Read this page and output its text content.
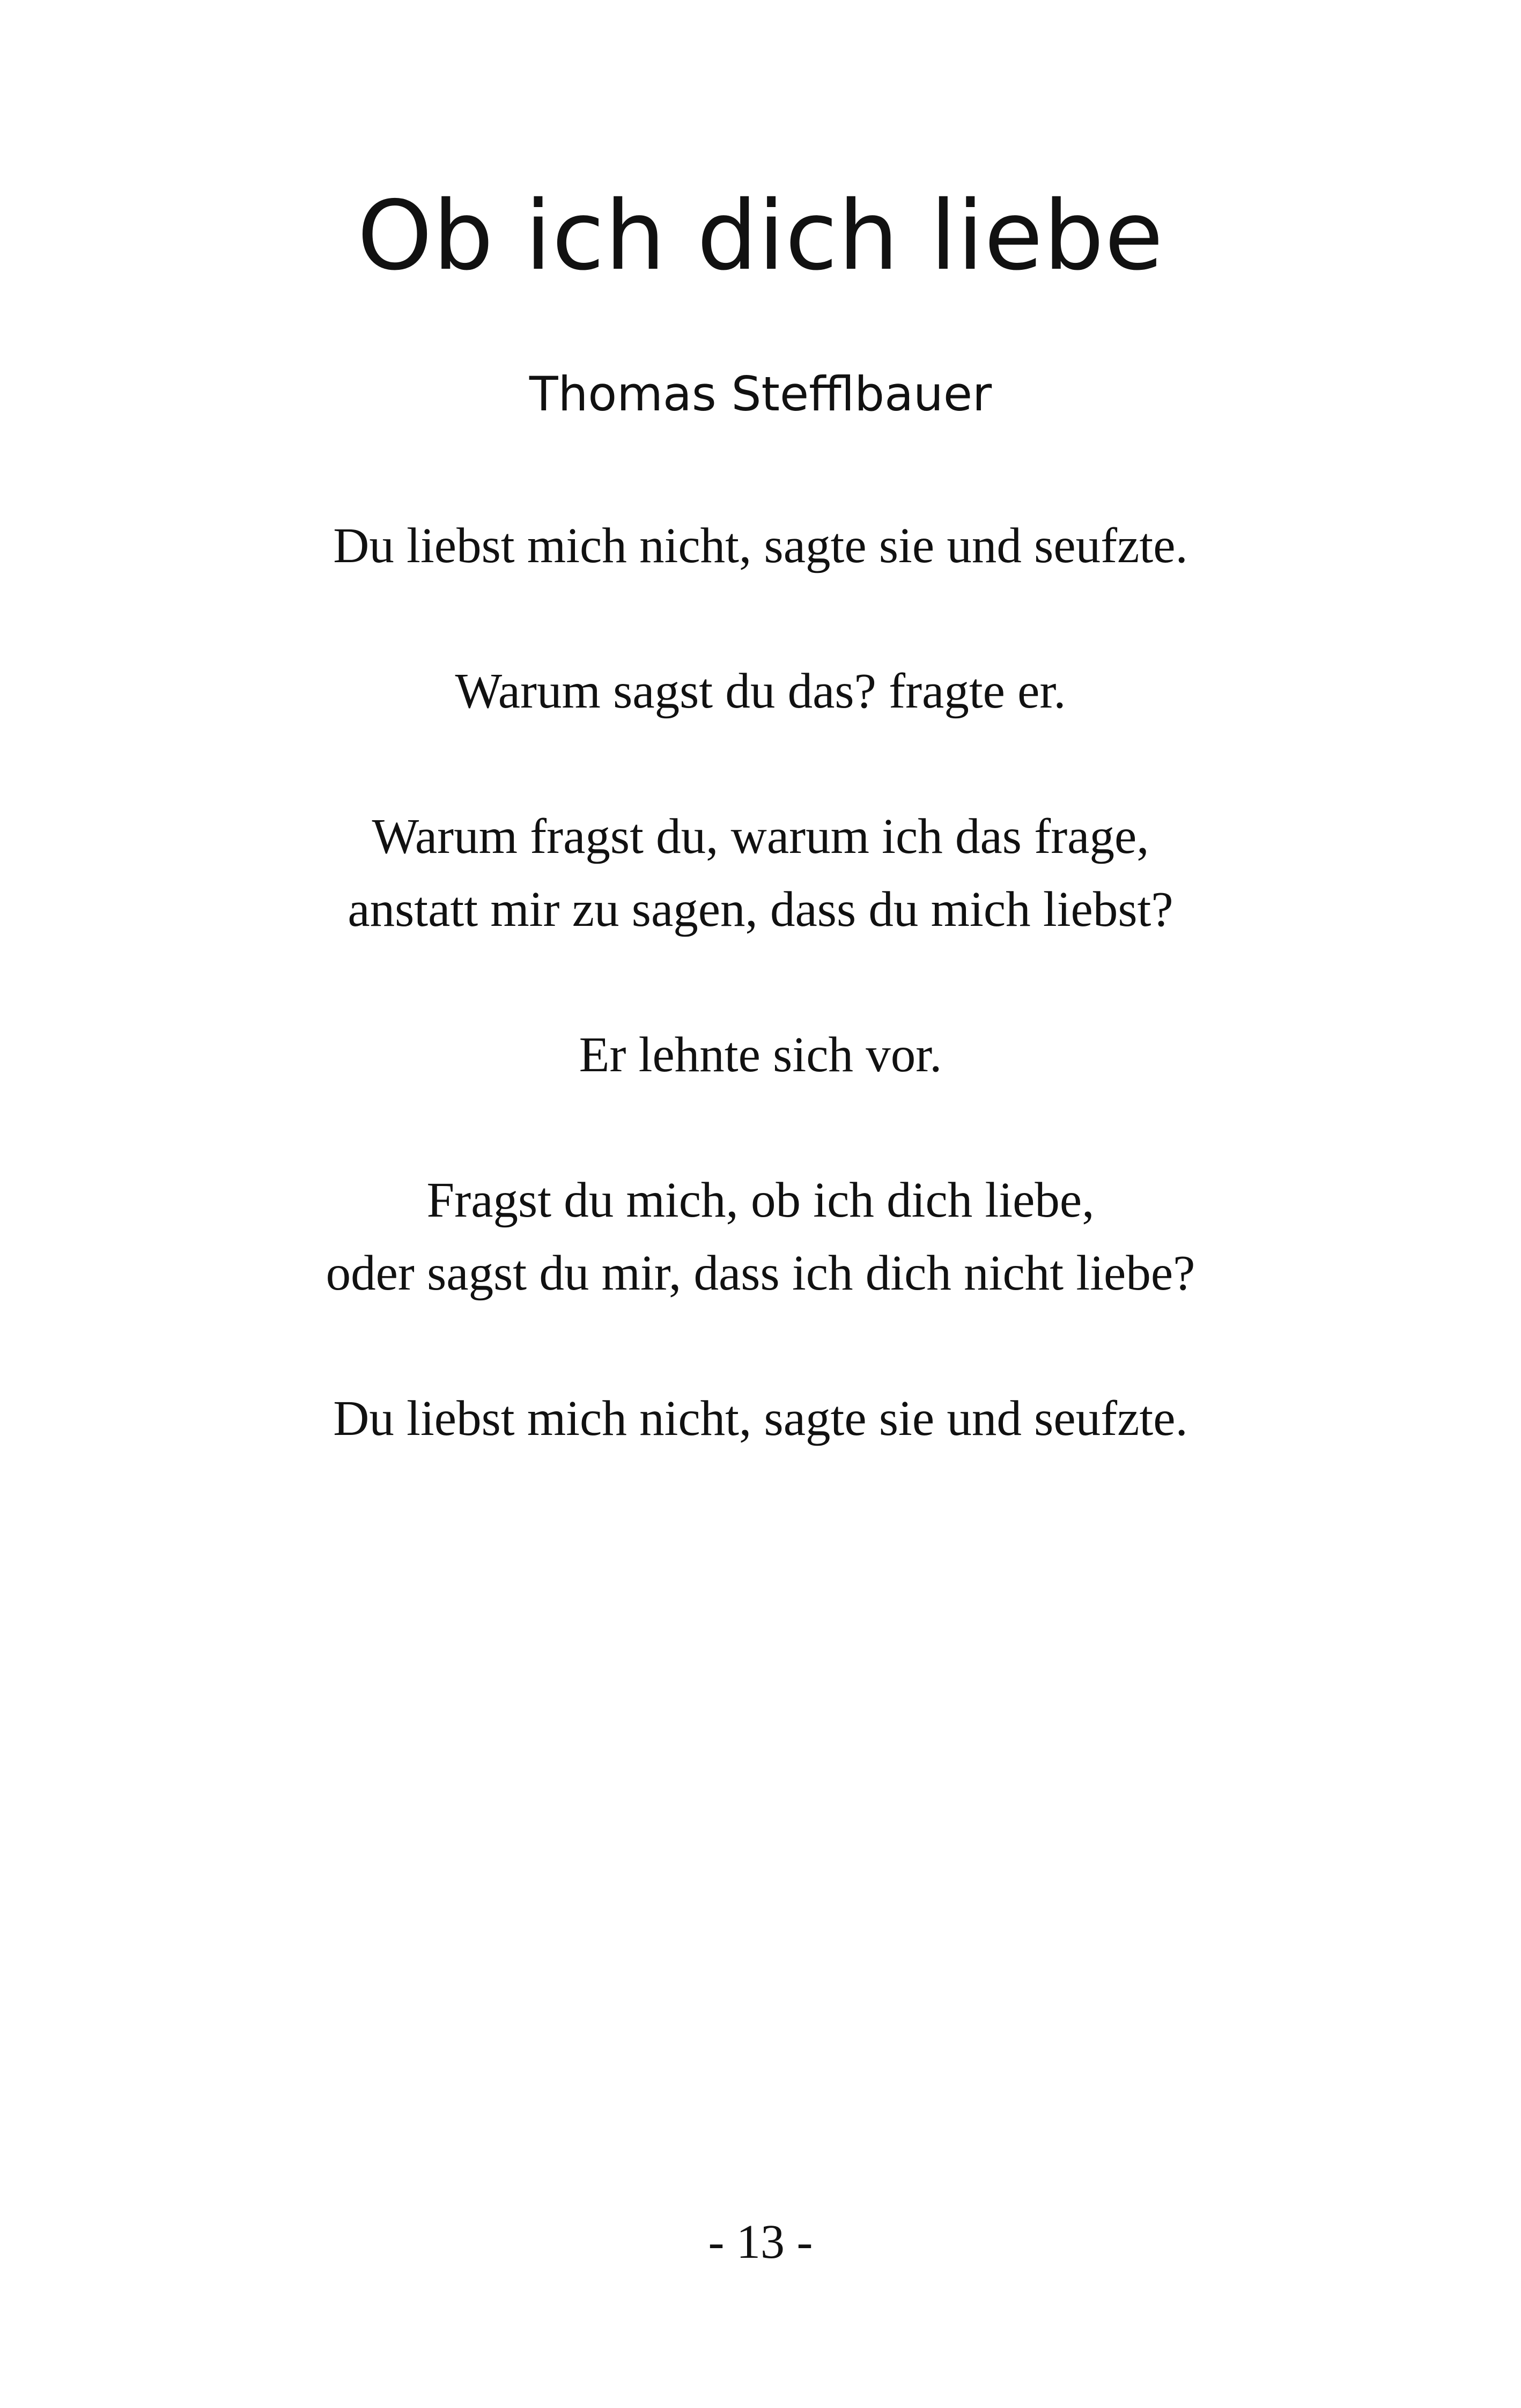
Ob ich dich liebe

Thomas Stefflbauer

Du liebst mich nicht, sagte sie und seufzte.

Warum sagst du das? fragte er.

Warum fragst du, warum ich das frage,
anstatt mir zu sagen, dass du mich liebst?

Er lehnte sich vor.

Fragst du mich, ob ich dich liebe,
oder sagst du mir, dass ich dich nicht liebe?

Du liebst mich nicht, sagte sie und seufzte.

- 13 -
